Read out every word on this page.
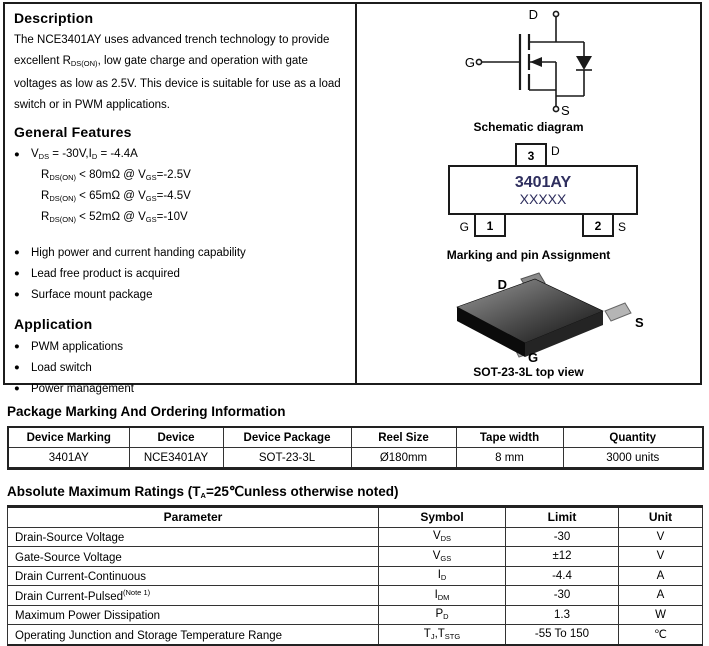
Description

The NCE3401AY uses advanced trench technology to provide excellent $R_{DS(ON)}$, low gate charge and operation with gate voltages as low as 2.5V. This device is suitable for use as a load switch or in PWM applications.

General Features
● $V_{DS} = -30V,I_D = -4.4A$
$R_{DS(ON)} < 80m\Omega$ @ $V_{GS}=-2.5V$
$R_{DS(ON)} < 65m\Omega$ @ $V_{GS}=-4.5V$
$R_{DS(ON)} < 52m\Omega$ @ $V_{GS}=-10V$
● High power and current handing capability
● Lead free product is acquired
● Surface mount package
Application
● PWM applications
● Load switch
● Power management
D
G
S
Schematic diagram
3 D
3401AY
XXXXX
1	2
G	S
Marking and pin Assignment
D
S
G
SOT-23-3L top view
Package Marking And Ordering Information
Device Marking	Device	Device Package	Reel Size	Tape width	Quantity
3401AY	NCE3401AY	SOT-23-3L	Ø180mm	8 mm	3000 units
Absolute Maximum Ratings ($T_A=25℃unless$ otherwise noted)
Parameter	Symbol	Limit	Unit
Drain-Source Voltage	$V_{DS}$	-30	V
Gate-Source Voltage	$V_{GS}$	±12	V
Drain Current-Continuous	$I_D$	-4.4	A
Drain Current-Pulsed$^{(Note 1)}$	$I_{DM}$	-30	A
Maximum Power Dissipation	$P_D$	1.3	W
Operating Junction and Storage Temperature Range	$T_J,T_{STG}$	-55 To 150	℃
